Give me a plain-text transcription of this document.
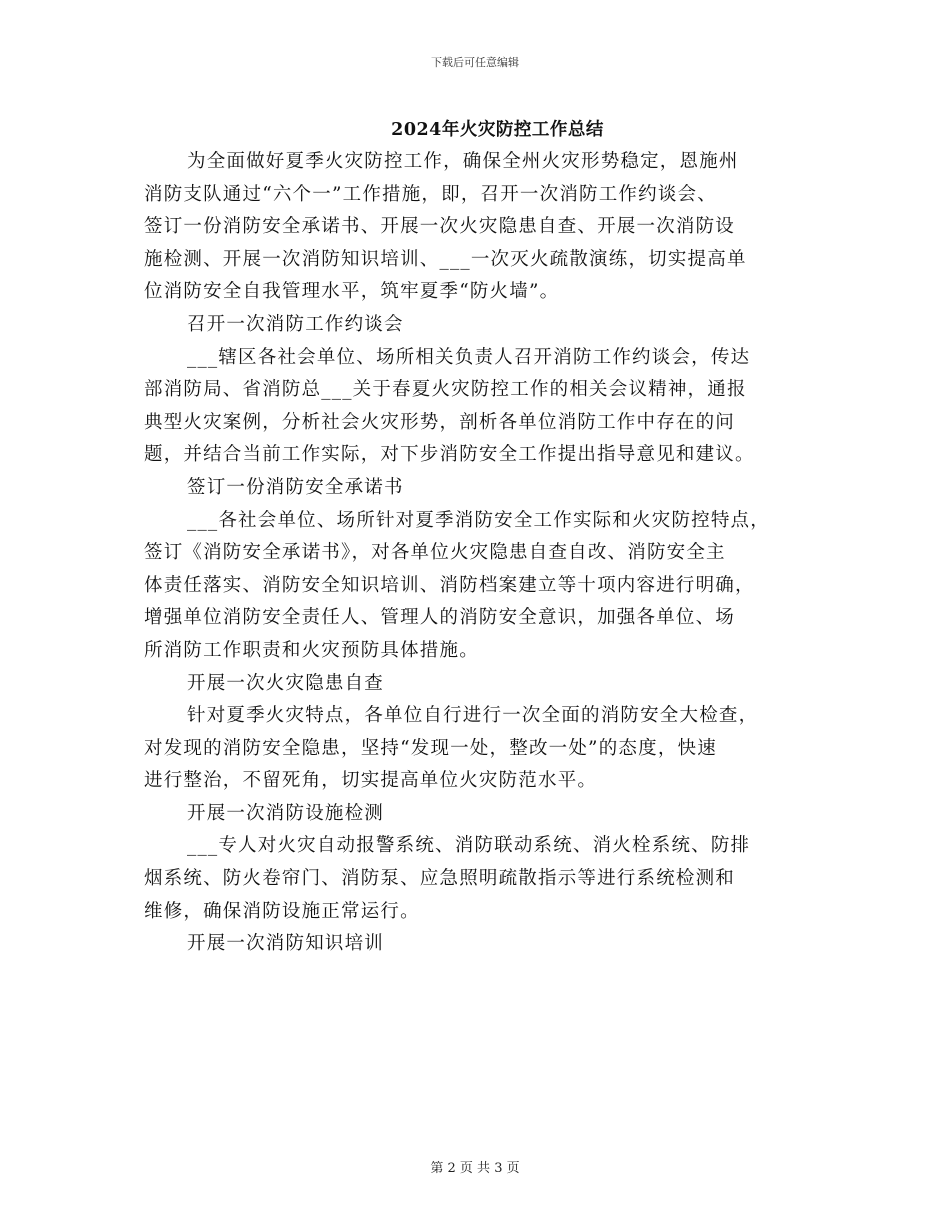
下载后可任意编辑
2024年火灾防控工作总结
为全面做好夏季火灾防控工作，确保全州火灾形势稳定，恩施州
消防支队通过“六个一”工作措施，即，召开一次消防工作约谈会、
签订一份消防安全承诺书、开展一次火灾隐患自查、开展一次消防设
施检测、开展一次消防知识培训、___一次灭火疏散演练，切实提高单
位消防安全自我管理水平，筑牢夏季“防火墙”。
召开一次消防工作约谈会
___辖区各社会单位、场所相关负责人召开消防工作约谈会，传达
部消防局、省消防总___关于春夏火灾防控工作的相关会议精神，通报
典型火灾案例，分析社会火灾形势，剖析各单位消防工作中存在的问
题，并结合当前工作实际，对下步消防安全工作提出指导意见和建议。
签订一份消防安全承诺书
___各社会单位、场所针对夏季消防安全工作实际和火灾防控特点，
签订《消防安全承诺书》，对各单位火灾隐患自查自改、消防安全主
体责任落实、消防安全知识培训、消防档案建立等十项内容进行明确，
增强单位消防安全责任人、管理人的消防安全意识，加强各单位、场
所消防工作职责和火灾预防具体措施。
开展一次火灾隐患自查
针对夏季火灾特点，各单位自行进行一次全面的消防安全大检查，
对发现的消防安全隐患，坚持“发现一处，整改一处”的态度，快速
进行整治，不留死角，切实提高单位火灾防范水平。
开展一次消防设施检测
___专人对火灾自动报警系统、消防联动系统、消火栓系统、防排
烟系统、防火卷帘门、消防泵、应急照明疏散指示等进行系统检测和
维修，确保消防设施正常运行。
开展一次消防知识培训
第 2 页 共 3 页
